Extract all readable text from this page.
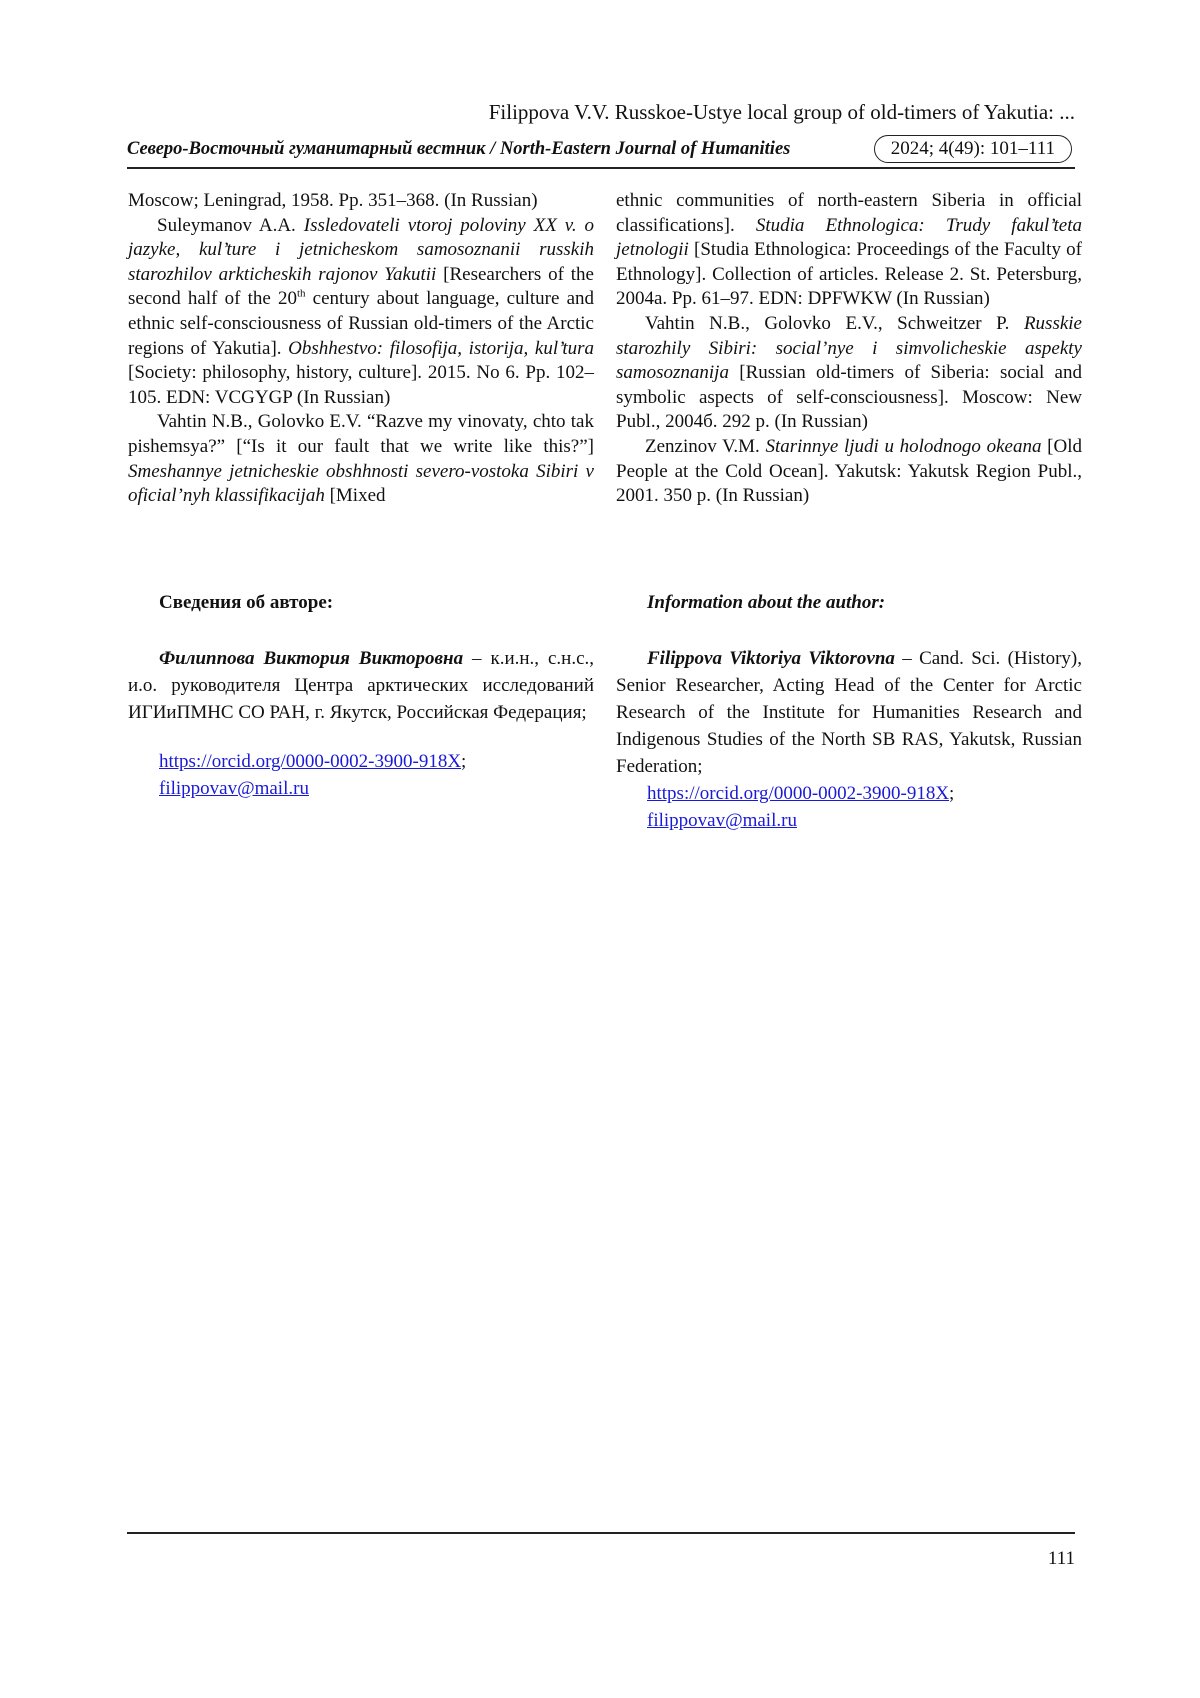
Filippova V.V. Russkoe-Ustye local group of old-timers of Yakutia: ...
Северо-Восточный гуманитарный вестник / North-Eastern Journal of Humanities	2024; 4(49): 101–111

Moscow; Leningrad, 1958. Pp. 351–368. (In Russian)

Suleymanov A.A. Issledovateli vtoroj poloviny XX v. o jazyke, kul’ture i jetnicheskom samosoznanii russkih starozhilov arkticheskih rajonov Yakutii [Researchers of the second half of the 20th century about language, culture and ethnic self-consciousness of Russian old-timers of the Arctic regions of Yakutia]. Obshhestvo: filosofija, istorija, kul’tura [Society: philosophy, history, culture]. 2015. No 6. Pp. 102–105. EDN: VCGYGP (In Russian)

Vahtin N.B., Golovko E.V. “Razve my vinovaty, chto tak pishemsya?” [“Is it our fault that we write like this?”] Smeshannye jetnicheskie obshhnosti severo-vostoka Sibiri v oficial’nyh klassifikacijah [Mixed

ethnic communities of north-eastern Siberia in official classifications]. Studia Ethnologica: Trudy fakul’teta jetnologii [Studia Ethnologica: Proceedings of the Faculty of Ethnology]. Collection of articles. Release 2. St. Petersburg, 2004a. Pp. 61–97. EDN: DPFWKW (In Russian)

Vahtin N.B., Golovko E.V., Schweitzer P. Russkie starozhily Sibiri: social’nye i simvolicheskie aspekty samosoznanija [Russian old-timers of Siberia: social and symbolic aspects of self-consciousness]. Moscow: New Publ., 2004б. 292 p. (In Russian)

Zenzinov V.M. Starinnye ljudi u holodnogo okeana [Old People at the Cold Ocean]. Yakutsk: Yakutsk Region Publ., 2001. 350 p. (In Russian)

Сведения об авторе:	Information about the author:

Филиппова Виктория Викторовна – к.и.н., с.н.с., и.о. руководителя Центра арктических исследований ИГИиПМНС СО РАН, г. Якутск, Российская Федерация;

https://orcid.org/0000-0002-3900-918X;
filippovav@mail.ru

Filippova Viktoriya Viktorovna – Cand. Sci. (History), Senior Researcher, Acting Head of the Center for Arctic Research of the Institute for Humanities Research and Indigenous Studies of the North SB RAS, Yakutsk, Russian Federation;

https://orcid.org/0000-0002-3900-918X;
filippovav@mail.ru
111
